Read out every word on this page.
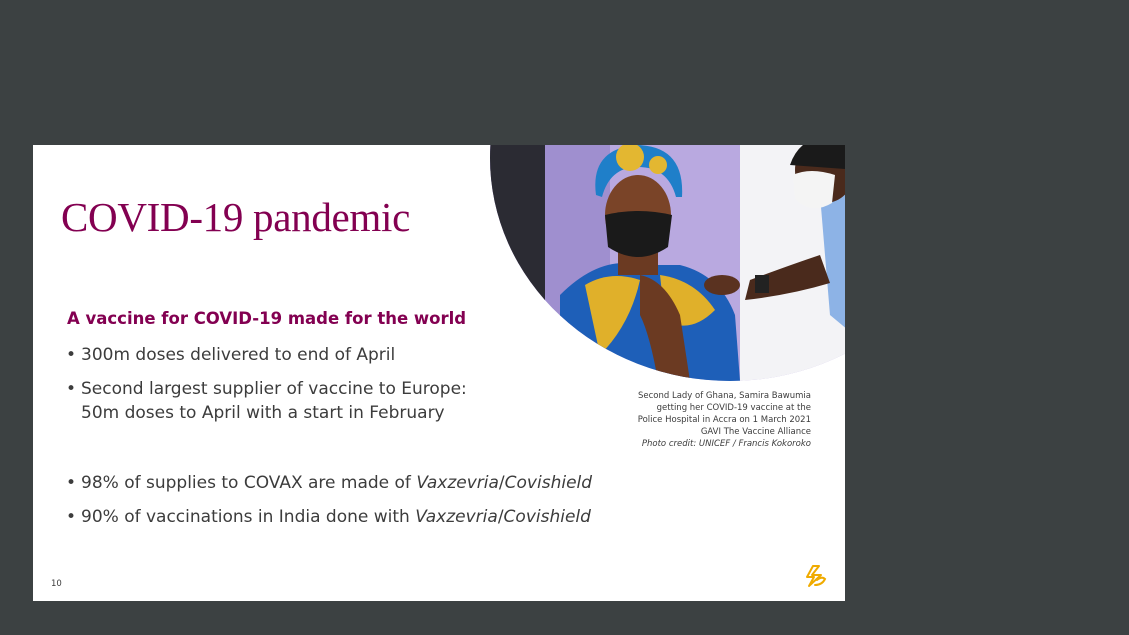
COVID-19 pandemic
A vaccine for COVID-19 made for the world
• 300m doses delivered to end of April
• Second largest supplier of vaccine to Europe: 50m doses to April with a start in February
• 98% of supplies to COVAX are made of Vaxzevria/Covishield
• 90% of vaccinations in India done with Vaxzevria/Covishield
Second Lady of Ghana, Samira Bawumia
getting her COVID-19 vaccine at the
Police Hospital in Accra on 1 March 2021
GAVI The Vaccine Alliance
Photo credit: UNICEF / Francis Kokoroko
10
